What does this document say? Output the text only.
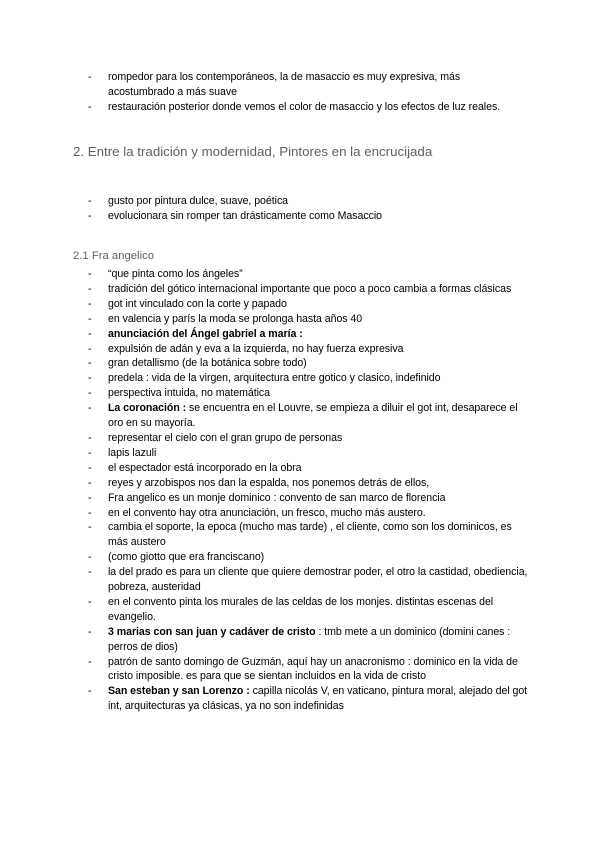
- rompedor para los contemporáneos, la de masaccio es muy expresiva, más acostumbrado a más suave
- restauración posterior donde vemos el color de masaccio y los efectos de luz reales.
2. Entre la tradición y modernidad, Pintores en la encrucijada
- gusto por pintura dulce, suave, poética
- evolucionara sin romper tan drásticamente como Masaccio
2.1 Fra angelico
- “que pinta como los ángeles”
- tradición del gótico internacional importante que poco a poco cambia a formas clásicas
- got int vinculado con la corte y papado
- en valencia y parís la moda se prolonga hasta años 40
- anunciación del Ángel gabriel a maría :
- expulsión de adán y eva a la izquierda, no hay fuerza expresiva
- gran detallismo (de la botánica sobre todo)
- predela : vida de la virgen, arquitectura entre gotico y clasico, indefinido
- perspectiva intuida, no matemática
- La coronación : se encuentra en el Louvre, se empieza a diluir el got int, desaparece el oro en su mayoría.
- representar el cielo con el gran grupo de personas
- lapis lazuli
- el espectador está incorporado en la obra
- reyes y arzobispos nos dan la espalda, nos ponemos detrás de ellos,
- Fra angelico es un monje dominico : convento de san marco de florencia
- en el convento hay otra anunciación, un fresco, mucho más austero.
- cambia el soporte, la epoca (mucho mas tarde) , el cliente, como son los dominicos, es más austero
- (como giotto que era franciscano)
- la del prado es para un cliente que quiere demostrar poder, el otro la castidad, obediencia, pobreza, austeridad
- en el convento pinta los murales de las celdas de los monjes. distintas escenas del evangelio.
- 3 marias con san juan y cadáver de cristo : tmb mete a un dominico (domini canes : perros de dios)
- patrón de santo domingo de Guzmán, aquí hay un anacronismo : dominico en la vida de cristo imposible. es para que se sientan incluidos en la vida de cristo
- San esteban y san Lorenzo : capilla nicolás V, en vaticano, pintura moral, alejado del got int, arquitecturas ya clásicas, ya no son indefinidas
